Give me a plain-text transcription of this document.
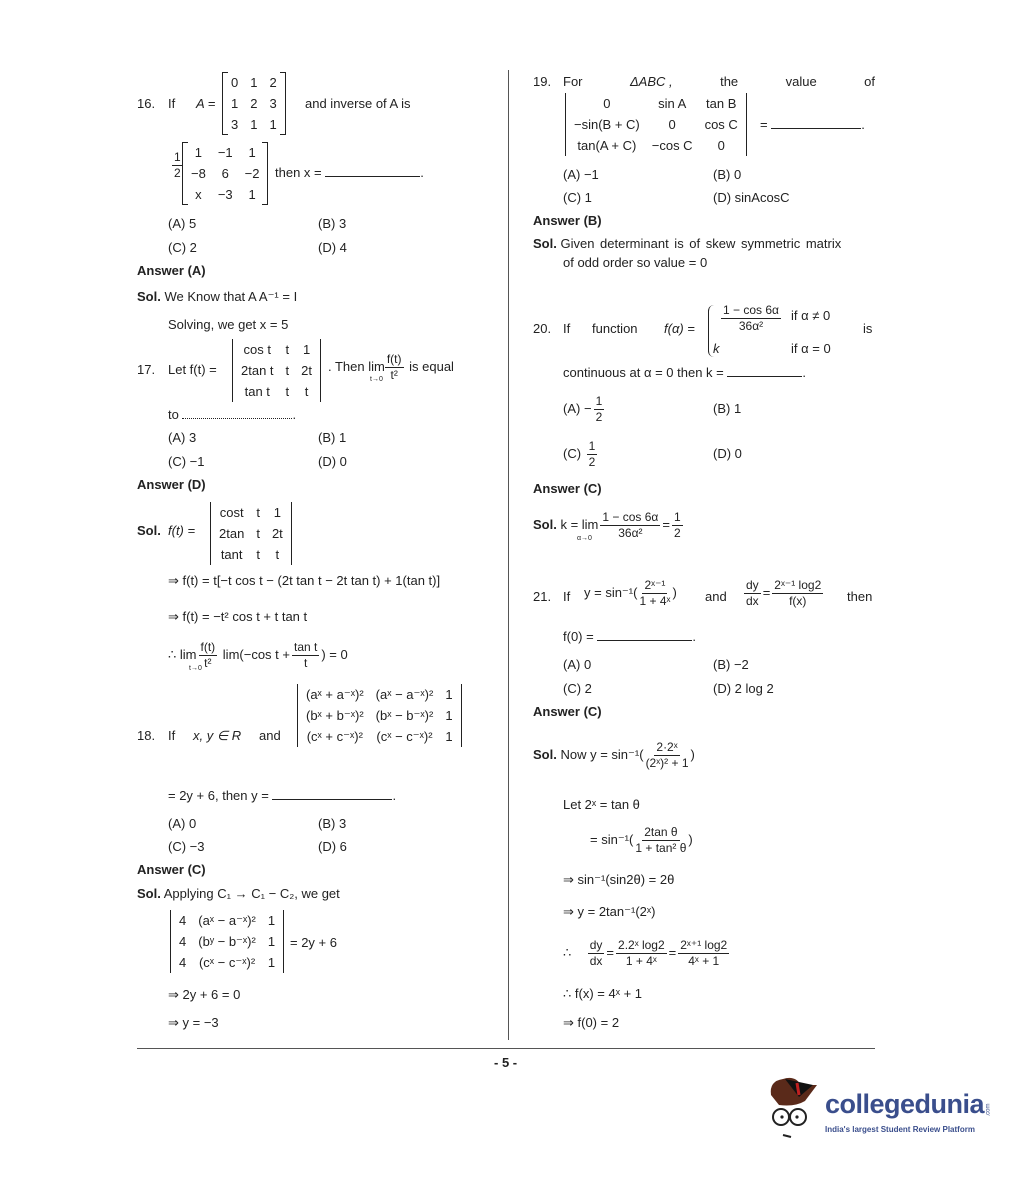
16. If A =
0	1	2
1	2	3
3	1	1
and inverse of A is
$\frac{1}{2} 1$	−1	1
−8	6	−2
x	−3	1
then x =	.
(A) 5	(B) 3
(C) 2	(D) 4
Answer (A)
Sol. We Know that A A⁻¹ = I
Solving, we get x = 5
17. Let f(t) =
cos t	t	1
2tan t	t	2t
tan t	t	t
. Then $\lim \frac{f(t)}{\text{t²}}$ is equal
t→0
to	.
(A) 3	(B) 1
(C) −1	(D) 0
Answer (D)
Sol. f(t) =
cost	t	1
2tan	t	2t
tant	t	t
⇒ f(t) = t[−t cos t − (2t tan t − 2t tan t) + 1(tan t)]
⇒ f(t) = −t² cos t + t tan t
∴ $\lim \frac{f(t)}{\text{t²}} \lim(-\cos$ $t + \frac{\text{tan t}}{t}$ ) = 0
t→0
18. If x, y ∈ R and
(aˣ + a⁻ˣ)²	(aˣ − a⁻ˣ)²	1
(bˣ + b⁻ˣ)²	(bˣ − b⁻ˣ)²	1
(cˣ + c⁻ˣ)²	(cˣ − c⁻ˣ)²	1
= 2y + 6, then y =	.
(A) 0	(B) 3
(C) −3	(D) 6
Answer (C)
Sol. Applying C₁ → C₁ − C₂, we get
4	(aˣ − a⁻ˣ)²	1
4	(bʸ − b⁻ˣ)²	1
4	(cˣ − c⁻ˣ)²	1
= 2y + 6
⇒ 2y + 6 = 0
⇒ y = −3
19. For	ΔABC ,	the	value	of
0	sin A	tan B
−sin(B + C)	0	cos C
tan(A + C)	−cos C	0
=	.
(A) −1	(B) 0
(C) 1	(D) sinAcosC
Answer (B)
Sol. Given determinant is of skew symmetric matrix
of odd order so value = 0
20. If function $f(\alpha) = \frac{1 - \cos 6\alpha}{\text{36α²}}$ if α ≠ 0
k	if α = 0
is
continuous at α = 0 then k =	.
$(A) - \frac{1}{2}$	(B) 1
$(C) \frac{1}{2}$	(D) 0
Answer (C)
Sol. $k = \lim \frac{1 - \cos 6\alpha}{\text{36α²}} = \frac{1}{2}$
α→0
21. If $y = \sin^{-1}( \frac{\text{2ˣ⁻¹}}{\text{1 + 4ˣ}}$ ) and $\frac{dy}{dx} = \frac{\text{2ˣ⁻¹ log2}}{f(x)}$ then
f(0) =	.
(A) 0	(B) −2
(C) 2	(D) 2 log 2
Answer (C)
Sol. Now $y = \sin^{-1}( \frac{\text{2·2ˣ}}{\text{(2ˣ)² + 1}}$ )
Let 2ˣ = tan θ
= $\sin^{-1}( \frac{\text{2tan θ}}{\text{1 + tan² θ}}$ )
⇒ sin⁻¹(sin2θ) = 2θ
⇒ y = 2tan⁻¹(2ˣ)
∴ $\frac{dy}{dx} = \frac{\text{2.2ˣ log2}}{\text{1 + 4ˣ}} = \frac{\text{2ˣ⁺¹ log2}}{\text{4ˣ + 1}}$
∴ f(x) = 4ˣ + 1
⇒ f(0) = 2
- 5 -
collegedunia .com
India's largest Student Review Platform
